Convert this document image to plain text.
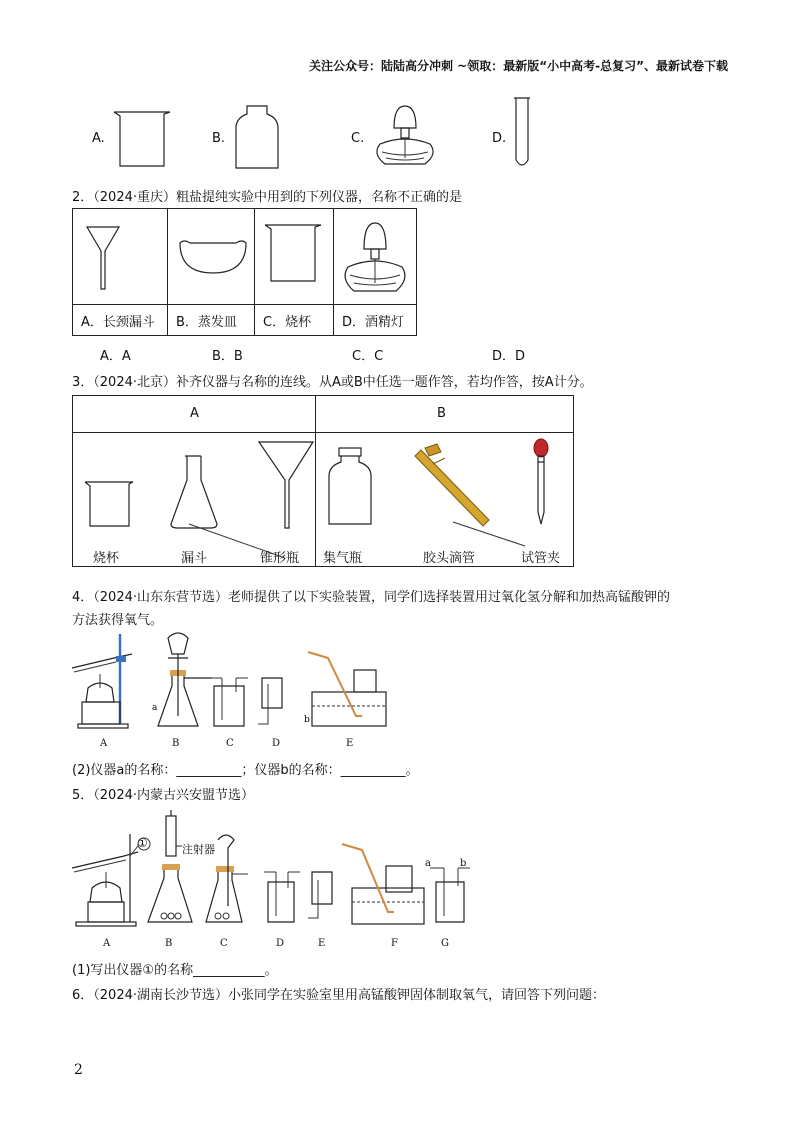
关注公众号：陆陆高分冲刺 ~领取：最新版“小中高考-总复习”、最新试卷下载
A.	B.	C.	D.
2．（2024·重庆）粗盐提纯实验中用到的下列仪器，名称不正确的是

A．长颈漏斗	B．蒸发皿	C．烧杯	D．酒精灯
A．A	B．B	C．C	D．D
3．（2024·北京）补齐仪器与名称的连线。从A或B中任选一题作答，若均作答，按A计分。
A	B
烧杯	漏斗	锥形瓶 集气瓶	胶头滴管	试管夹
4．（2024·山东东营节选）老师提供了以下实验装置，同学们选择装置用过氧化氢分解和加热高锰酸钾的
方法获得氧气。
a
b
A	B	C	D	E
(2)仪器a的名称：__________；仪器b的名称：__________。
5．（2024·内蒙古兴安盟节选）
①	注射器
a	b
A	B	C	D	E	F	G
(1)写出仪器①的名称___________。
6．（2024·湖南长沙节选）小张同学在实验室里用高锰酸钾固体制取氧气，请回答下列问题：
2
